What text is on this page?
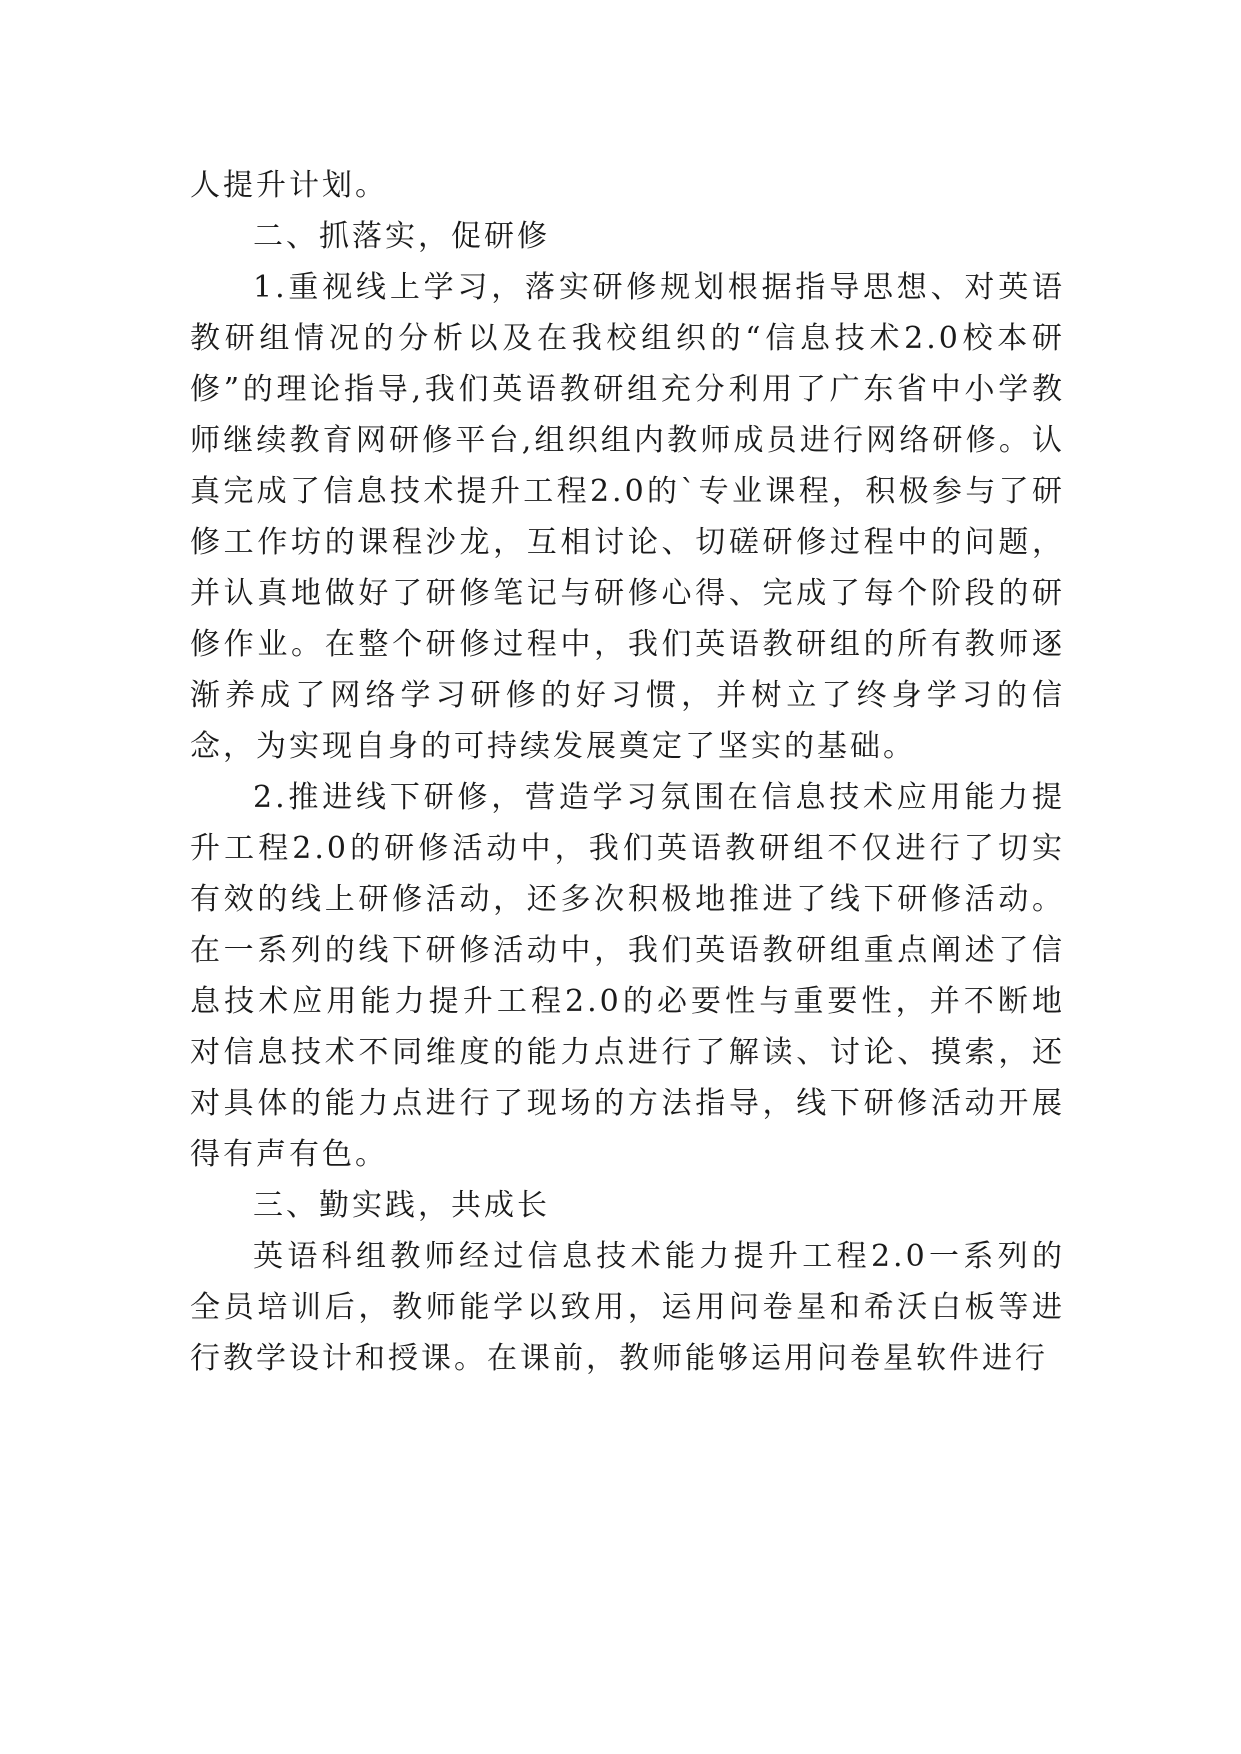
人提升计划。

二、抓落实，促研修

1.重视线上学习，落实研修规划根据指导思想、对英语教研组情况的分析以及在我校组织的“信息技术2.0校本研修”的理论指导,我们英语教研组充分利用了广东省中小学教师继续教育网研修平台,组织组内教师成员进行网络研修。认真完成了信息技术提升工程2.0的`专业课程，积极参与了研修工作坊的课程沙龙，互相讨论、切磋研修过程中的问题，并认真地做好了研修笔记与研修心得、完成了每个阶段的研修作业。在整个研修过程中，我们英语教研组的所有教师逐渐养成了网络学习研修的好习惯，并树立了终身学习的信念，为实现自身的可持续发展奠定了坚实的基础。

2.推进线下研修，营造学习氛围在信息技术应用能力提升工程2.0的研修活动中，我们英语教研组不仅进行了切实有效的线上研修活动，还多次积极地推进了线下研修活动。在一系列的线下研修活动中，我们英语教研组重点阐述了信息技术应用能力提升工程2.0的必要性与重要性，并不断地对信息技术不同维度的能力点进行了解读、讨论、摸索，还对具体的能力点进行了现场的方法指导，线下研修活动开展得有声有色。

三、勤实践，共成长

英语科组教师经过信息技术能力提升工程2.0一系列的全员培训后，教师能学以致用，运用问卷星和希沃白板等进行教学设计和授课。在课前，教师能够运用问卷星软件进行
